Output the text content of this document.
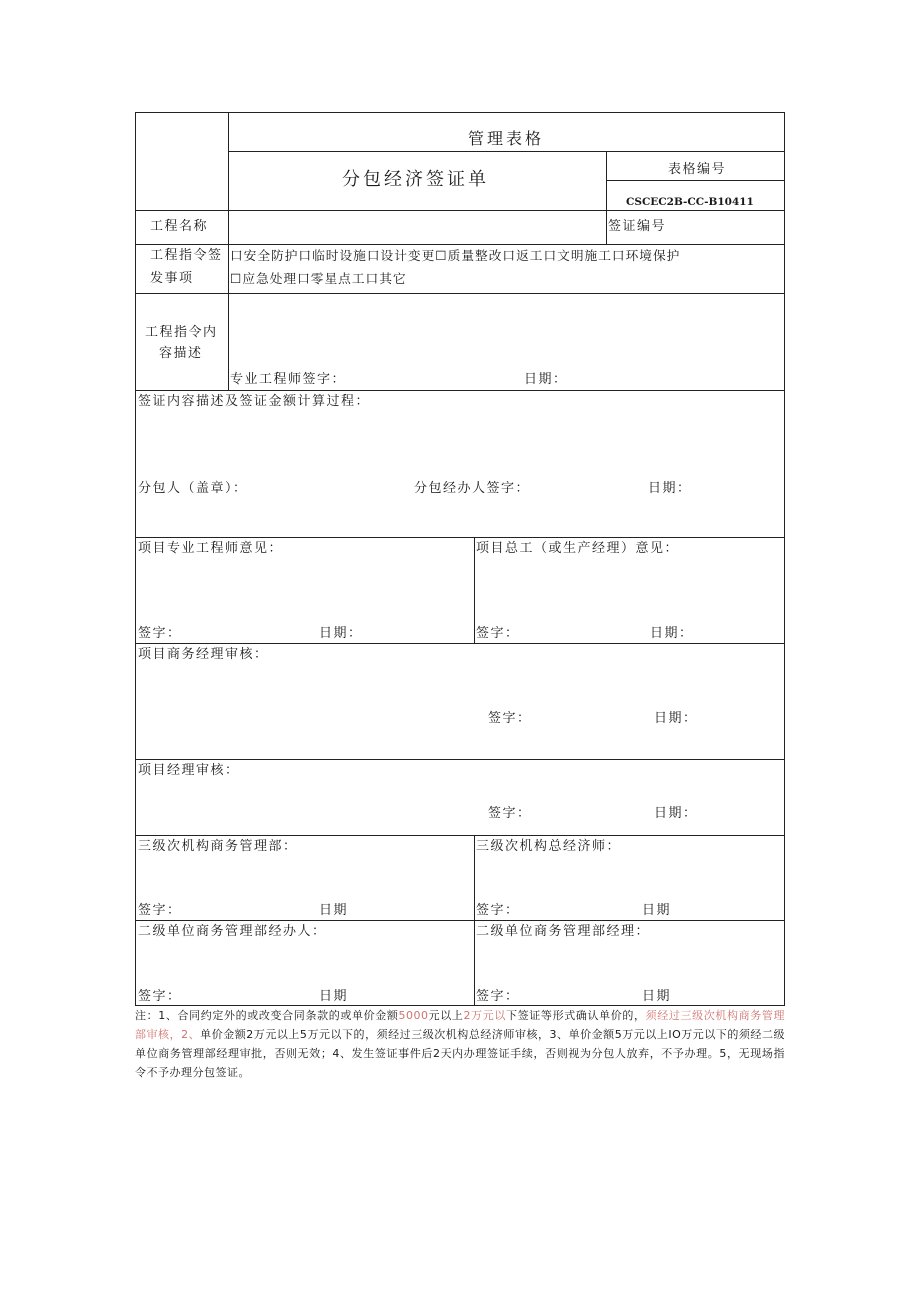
管理表格
分包经济签证单	表格编号
CSCEC2B-CC-B10411
工程名称	签证编号
工程指令签
发事项
口安全防护口临时设施口设计变更☐质量整改口返工口文明施工口环境保护
☐应急处理口零星点工口其它
工程指令内
容描述
专业工程师签字：	日期：
签证内容描述及签证金额计算过程：
分包人（盖章）：	分包经办人签字：	日期：
项目专业工程师意见：	项目总工（或生产经理）意见：
签字：	日期：	签字：	日期：
项目商务经理审核：
签字：	日期：
项目经理审核：
签字：	日期：
三级次机构商务管理部：	三级次机构总经济师：
签字：	日期	签字：	日期
二级单位商务管理部经办人：	二级单位商务管理部经理：
签字：	日期	签字：	日期
注：1、合同约定外的或改变合同条款的或单价金额5000元以上2万元以下签证等形式确认单价的，须经过三级次机构商务管理部审核，2、单价金额2万元以上5万元以下的，须经过三级次机构总经济师审核，3、单价金额5万元以上IO万元以下的须经二级单位商务管理部经理审批，否则无效；4、发生签证事件后2天内办理签证手续，否则视为分包人放弃，不予办理。5，无现场指令不予办理分包签证。
